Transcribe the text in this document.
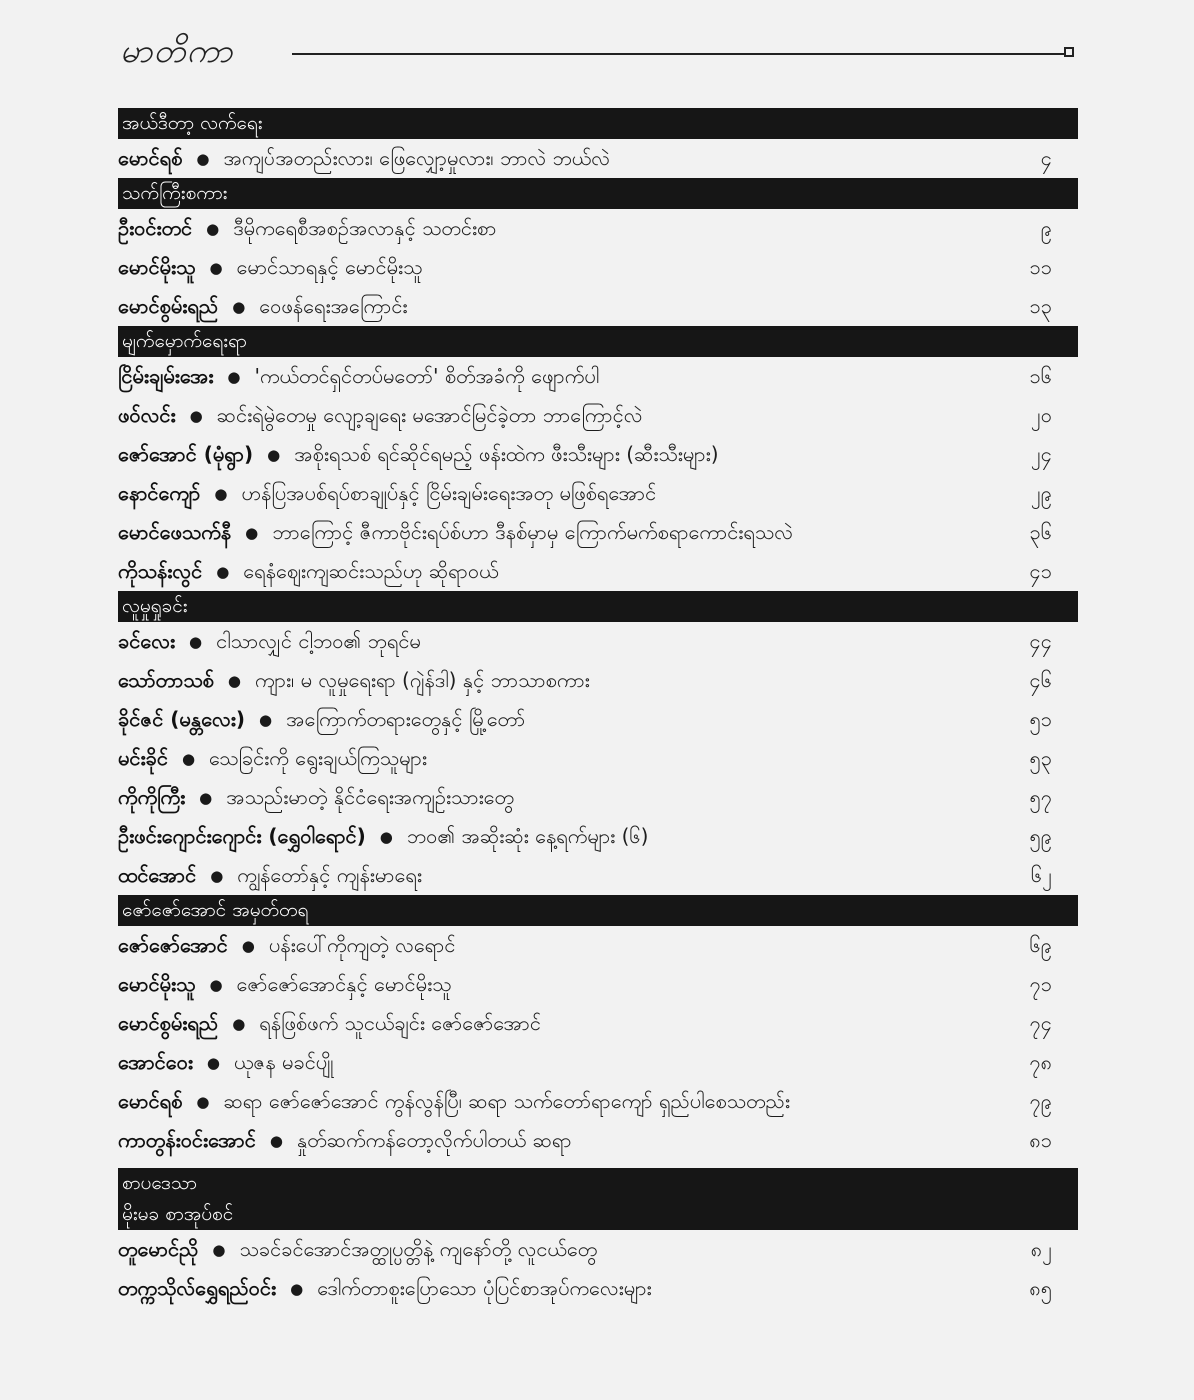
မာတိကာ
အယ်ဒီတာ့ လက်ရေး
မောင်ရစ် ● အကျပ်အတည်းလား၊ ဖြေလျှော့မှုလား၊ ဘာလဲ ဘယ်လဲ	၄
သက်ကြီးစကား
ဦးဝင်းတင် ● ဒီမိုကရေစီအစဉ်အလာနှင့် သတင်းစာ	၉
မောင်မိုးသူ ● မောင်သာရနှင့် မောင်မိုးသူ	၁၁
မောင်စွမ်းရည် ● ဝေဖန်ရေးအကြောင်း	၁၃
မျက်မှောက်ရေးရာ
ငြိမ်းချမ်းအေး ● 'ကယ်တင်ရှင်တပ်မတော်' စိတ်အခံကို ဖျောက်ပါ	၁၆
ဖဝ်လင်း ● ဆင်းရဲမွဲတေမှု လျော့ချရေး မအောင်မြင်ခဲ့တာ ဘာကြောင့်လဲ	၂၀
ဇော်အောင် (မုံရွာ) ● အစိုးရသစ် ရင်ဆိုင်ရမည့် ဖန်းထဲက ဖီးသီးများ (ဆီးသီးများ)	၂၄
နောင်ကျော် ● ဟန်ပြအပစ်ရပ်စာချုပ်နှင့် ငြိမ်းချမ်းရေးအတု မဖြစ်ရအောင်	၂၉
မောင်ဖေသက်နီ ● ဘာကြောင့် ဇီကာဗိုင်းရပ်စ်ဟာ ဒီနစ်မှာမှ ကြောက်မက်စရာကောင်းရသလဲ	၃၆
ကိုသန်းလွင် ● ရေနံဈေးကျဆင်းသည်ဟု ဆိုရာဝယ်	၄၁
လူမှုရှုခင်း
ခင်လေး ● ငါသာလျှင် ငါ့ဘဝ၏ ဘုရင်မ	၄၄
သော်တာသစ် ● ကျား၊ မ လူမှုရေးရာ (ဂျဲန်ဒါ) နှင့် ဘာသာစကား	၄၆
ခိုင်ဇင် (မန္တလေး) ● အကြောက်တရားတွေနှင့် မြို့တော်	၅၁
မင်းခိုင် ● သေခြင်းကို ရွေးချယ်ကြသူများ	၅၃
ကိုကိုကြီး ● အသည်းမာတဲ့ နိုင်ငံရေးအကျဉ်းသားတွေ	၅၇
ဦးဖင်းဂျောင်းဂျောင်း (ရွှေဝါရောင်) ● ဘဝ၏ အဆိုးဆုံး နေ့ရက်များ (၆)	၅၉
ထင်အောင် ● ကျွန်တော်နှင့် ကျန်းမာရေး	၆၂
ဇော်ဇော်အောင် အမှတ်တရ
ဇော်ဇော်အောင် ● ပန်းပေါ်ကိုကျတဲ့ လရောင်	၆၉
မောင်မိုးသူ ● ဇော်ဇော်အောင်နှင့် မောင်မိုးသူ	၇၁
မောင်စွမ်းရည် ● ရန်ဖြစ်ဖက် သူငယ်ချင်း ဇော်ဇော်အောင်	၇၄
အောင်ဝေး ● ယုဇန မခင်ပျို	၇၈
မောင်ရစ် ● ဆရာ ဇော်ဇော်အောင် ကွန်လွန်ပြီ၊ ဆရာ သက်တော်ရာကျော် ရှည်ပါစေသတည်း	၇၉
ကာတွန်းဝင်းအောင် ● နှုတ်ဆက်ကန်တော့လိုက်ပါတယ် ဆရာ	၈၁
စာပဒေသာ
မိုးမခ စာအုပ်စင်
တူမောင်ညို ● သခင်ခင်အောင်အတ္ထုပ္ပတ္တိနဲ့ ကျနော်တို့ လူငယ်တွေ	၈၂
တက္ကသိုလ်ရွှေရည်ဝင်း ● ဒေါက်တာစူးပြောသော ပုံပြင်စာအုပ်ကလေးများ	၈၅
